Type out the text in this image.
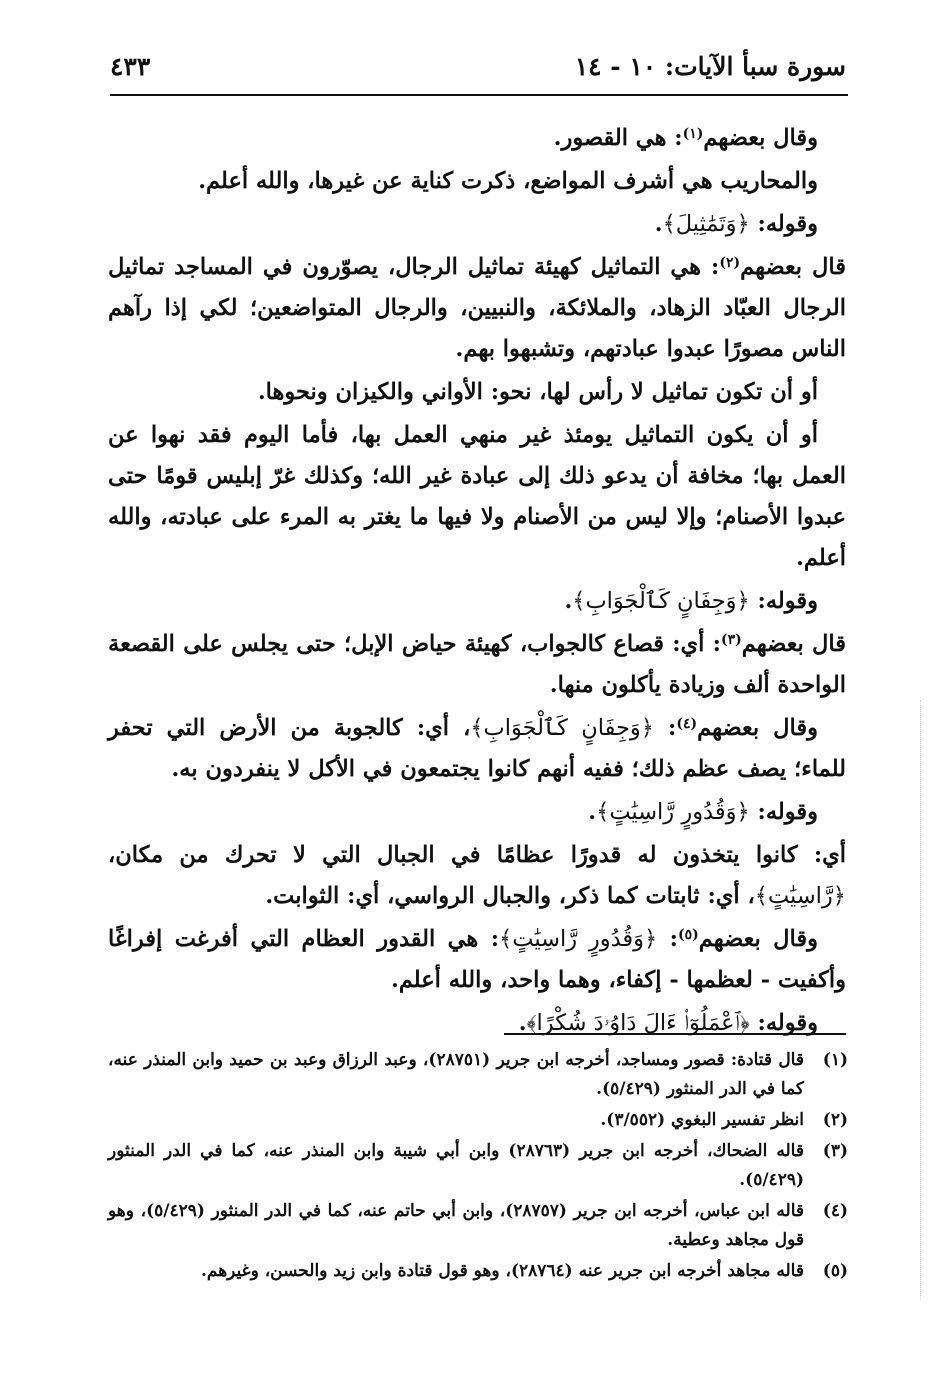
سورة سبأ الآيات: ١٠ - ١٤
٤٣٣

وقال بعضهم$^{(١)}$: هي القصور.

والمحاريب هي أشرف المواضع، ذكرت كناية عن غيرها، والله أعلم.

وقوله: ﴿وَتَمَٰثِيلَ﴾.

قال بعضهم$^{(٢)}$: هي التماثيل كهيئة تماثيل الرجال، يصوّرون في المساجد تماثيل الرجال العبّاد الزهاد، والملائكة، والنبيين، والرجال المتواضعين؛ لكي إذا رآهم الناس مصورًا عبدوا عبادتهم، وتشبهوا بهم.

أو أن تكون تماثيل لا رأس لها، نحو: الأواني والكيزان ونحوها.

أو أن يكون التماثيل يومئذ غير منهي العمل بها، فأما اليوم فقد نهوا عن العمل بها؛ مخافة أن يدعو ذلك إلى عبادة غير الله؛ وكذلك غرّ إبليس قومًا حتى عبدوا الأصنام؛ وإلا ليس من الأصنام ولا فيها ما يغتر به المرء على عبادته، والله أعلم.

وقوله: ﴿وَجِفَانٍ كَٱلْجَوَابِ﴾.

قال بعضهم$^{(٣)}$: أي: قصاع كالجواب، كهيئة حياض الإبل؛ حتى يجلس على القصعة الواحدة ألف وزيادة يأكلون منها.

وقال بعضهم$^{(٤)}$: ﴿وَجِفَانٍ كَٱلْجَوَابِ﴾، أي: كالجوبة من الأرض التي تحفر للماء؛ يصف عظم ذلك؛ ففيه أنهم كانوا يجتمعون في الأكل لا ينفردون به.

وقوله: ﴿وَقُدُورٍ رَّاسِيَٰتٍ﴾.

أي: كانوا يتخذون له قدورًا عظامًا في الجبال التي لا تحرك من مكان، ﴿رَّاسِيَٰتٍ﴾، أي: ثابتات كما ذكر، والجبال الرواسي، أي: الثوابت.

وقال بعضهم$^{(٥)}$: ﴿وَقُدُورٍ رَّاسِيَٰتٍ﴾: هي القدور العظام التي أفرغت إفراغًا وأكفيت - لعظمها - إكفاء، وهما واحد، والله أعلم.

وقوله: ﴿ٱعْمَلُوٓا۟ ءَالَ دَاوُۥدَ شُكْرًا﴾.

(١)
قال قتادة: قصور ومساجد، أخرجه ابن جرير (٢٨٧٥١)، وعبد الرزاق وعبد بن حميد وابن المنذر عنه، كما في الدر المنثور (٥/٤٢٩).
(٢)
انظر تفسير البغوي (٣/٥٥٢).
(٣)
قاله الضحاك، أخرجه ابن جرير (٢٨٧٦٣) وابن أبي شيبة وابن المنذر عنه، كما في الدر المنثور (٥/٤٢٩).
(٤)
قاله ابن عباس، أخرجه ابن جرير (٢٨٧٥٧)، وابن أبي حاتم عنه، كما في الدر المنثور (٥/٤٢٩)، وهو قول مجاهد وعطية.
(٥)
قاله مجاهد أخرجه ابن جرير عنه (٢٨٧٦٤)، وهو قول قتادة وابن زيد والحسن، وغيرهم.
